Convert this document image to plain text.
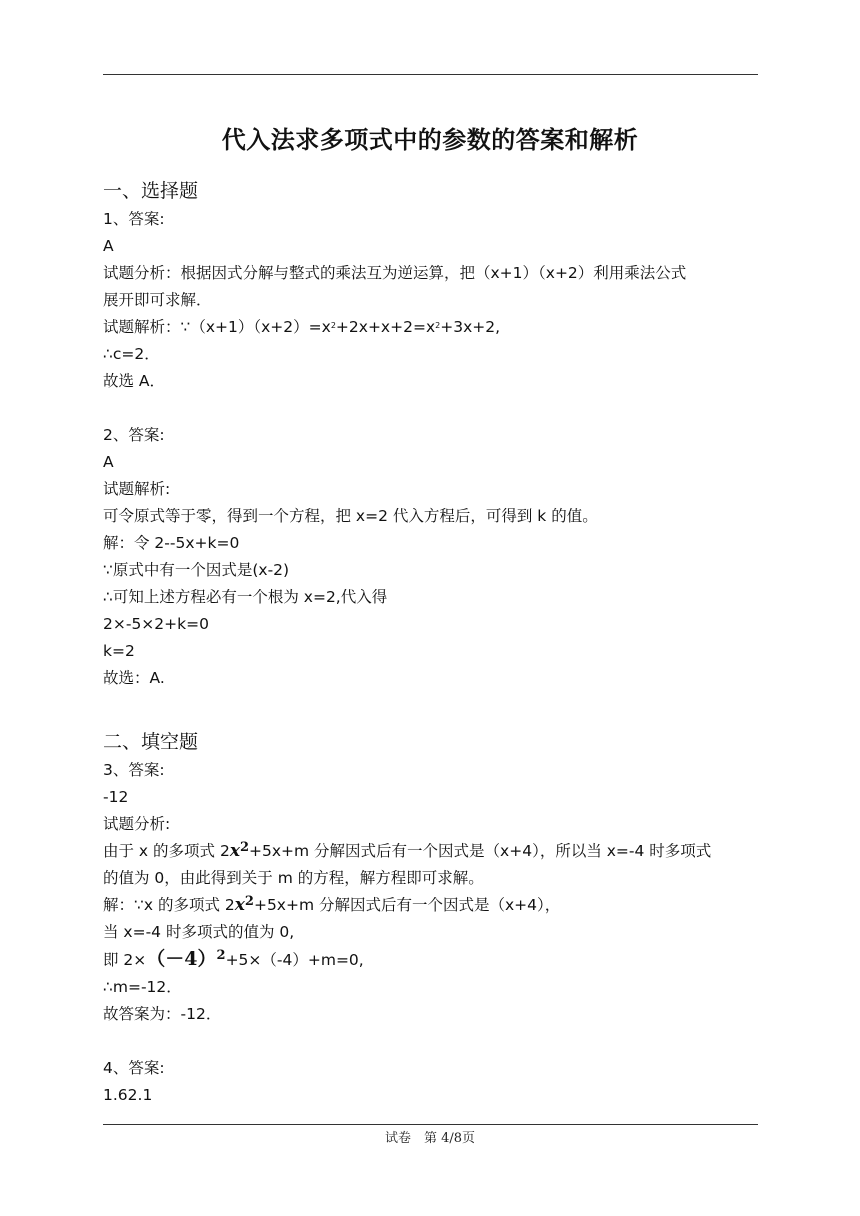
代入法求多项式中的参数的答案和解析
一、选择题
1、答案:
A
试题分析：根据因式分解与整式的乘法互为逆运算，把（x+1）（x+2）利用乘法公式
展开即可求解．
试题解析：$\because(x+1)(x+2)=x^2+2x+x+2=x^2+3x+2$,
∴c=2．
故选 A．
2、答案:
A
试题解析:
可令原式等于零，得到一个方程，把 x=2 代入方程后，可得到 k 的值。
解：令 2--5x+k=0
∵原式中有一个因式是(x-2)
∴可知上述方程必有一个根为 x=2,代入得
2×-5×2+k=0
k=2
故选：A.
二、填空题
3、答案:
-12
试题分析:
由于 x 的多项式 $2x^2+5x+m$ 分解因式后有一个因式是（x+4），所以当 x=-4 时多项式
的值为 0，由此得到关于 m 的方程，解方程即可求解。
解：∵x 的多项式 $2x^2+5x+m$ 分解因式后有一个因式是（x+4），
当 x=-4 时多项式的值为 0,
即 $2\times(-4)^2+5\times(-4)+m=0$,
∴m=-12．
故答案为：-12．
4、答案:
1.62.1
试卷　第 4/8页
